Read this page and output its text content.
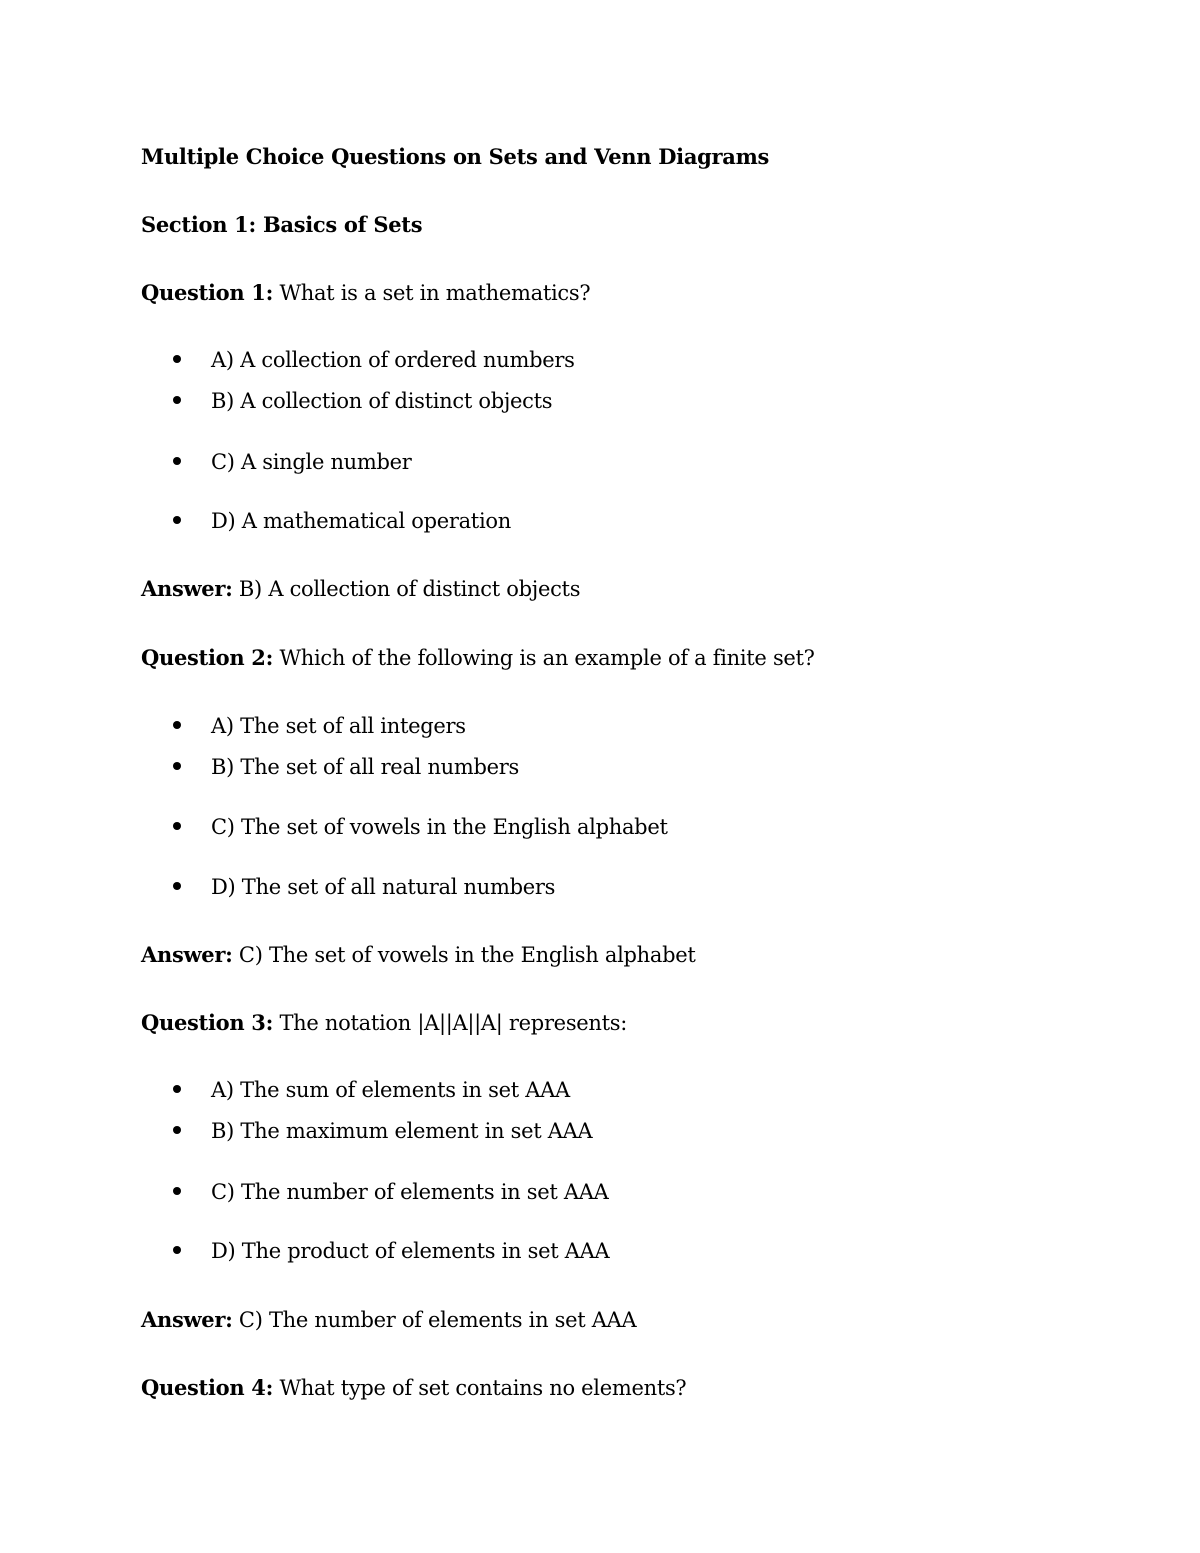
Multiple Choice Questions on Sets and Venn Diagrams
Section 1: Basics of Sets
Question 1: What is a set in mathematics?
A) A collection of ordered numbers
B) A collection of distinct objects
C) A single number
D) A mathematical operation
Answer: B) A collection of distinct objects
Question 2: Which of the following is an example of a finite set?
A) The set of all integers
B) The set of all real numbers
C) The set of vowels in the English alphabet
D) The set of all natural numbers
Answer: C) The set of vowels in the English alphabet
Question 3: The notation |A||A||A| represents:
A) The sum of elements in set AAA
B) The maximum element in set AAA
C) The number of elements in set AAA
D) The product of elements in set AAA
Answer: C) The number of elements in set AAA
Question 4: What type of set contains no elements?
